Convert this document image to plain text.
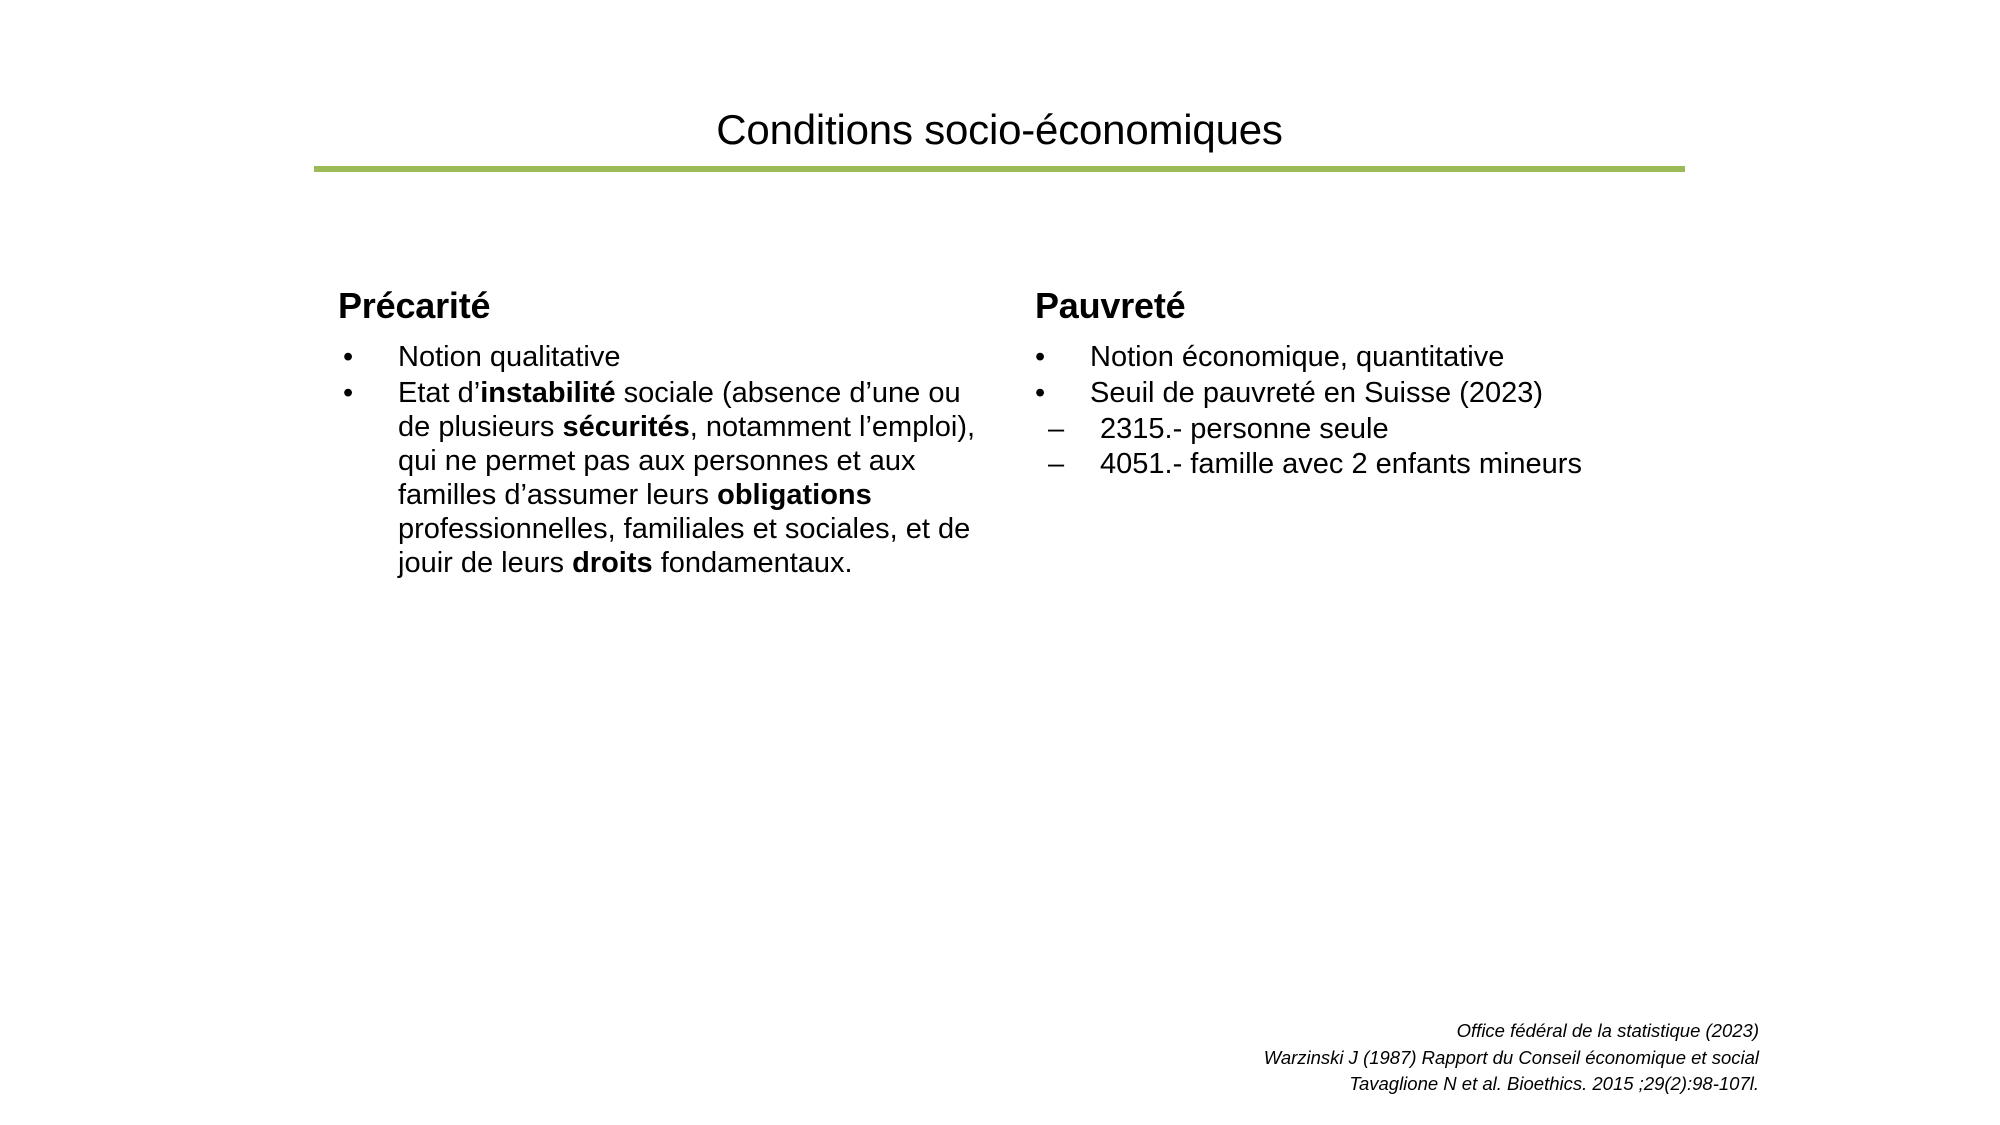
Conditions socio-économiques
Précarité
• Notion qualitative
• Etat d’instabilité sociale (absence d’une ou de plusieurs sécurités, notamment l’emploi), qui ne permet pas aux personnes et aux familles d’assumer leurs obligations professionnelles, familiales et sociales, et de jouir de leurs droits fondamentaux.
Pauvreté
• Notion économique, quantitative
• Seuil de pauvreté en Suisse (2023)
– 2315.- personne seule
– 4051.- famille avec 2 enfants mineurs
Office fédéral de la statistique (2023)
Warzinski J (1987) Rapport du Conseil économique et social
Tavaglione N et al. Bioethics. 2015 ;29(2):98-107l.
